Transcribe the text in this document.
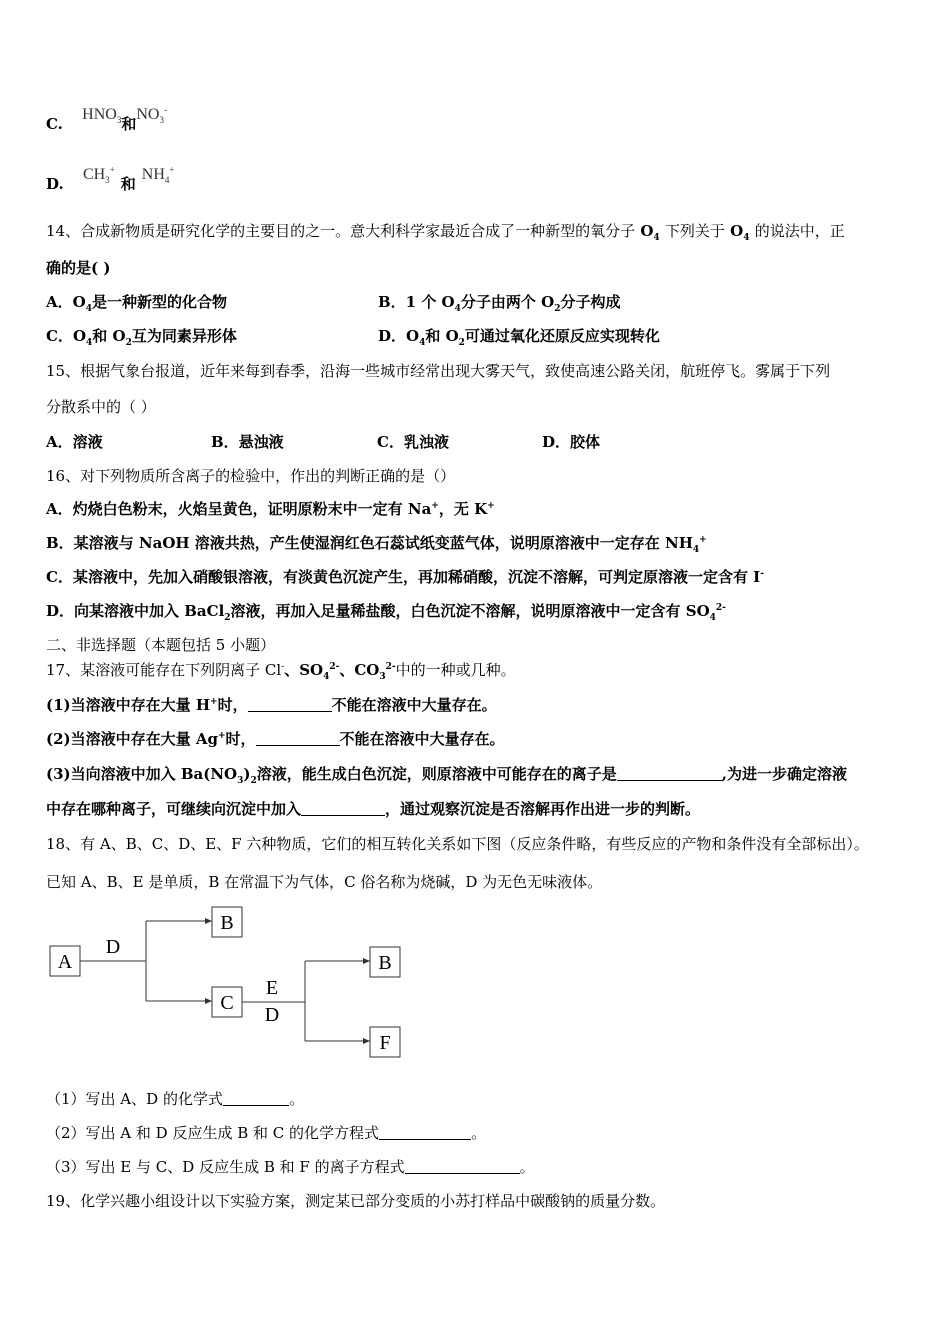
C. $HNO_3$和$NO_3^-$
D. $CH_3^+$和$NH_4^+$
14、合成新物质是研究化学的主要目的之一。意大利科学家最近合成了一种新型的氧分子 $O_4$ 下列关于 $O_4$ 的说法中，正
确的是( )
A．$O_4$是一种新型的化合物	B．1 个 $O_4$分子由两个 $O_2$分子构成
C．$O_4$和 $O_2$互为同素异形体	D．$O_4$和 $O_2$可通过氧化还原反应实现转化
15、根据气象台报道，近年来每到春季，沿海一些城市经常出现大雾天气，致使高速公路关闭，航班停飞。雾属于下列
分散系中的（ ）
A．溶液	B．悬浊液	C．乳浊液	D．胶体
16、对下列物质所含离子的检验中，作出的判断正确的是（）
A．灼烧白色粉末，火焰呈黄色，证明原粉末中一定有 Na+，无 K+
B．某溶液与 NaOH 溶液共热，产生使湿润红色石蕊试纸变蓝气体，说明原溶液中一定存在 $NH_4^+$
C．某溶液中，先加入硝酸银溶液，有淡黄色沉淀产生，再加稀硝酸，沉淀不溶解，可判定原溶液一定含有 I-
D．向某溶液中加入 BaCl$_2$溶液，再加入足量稀盐酸，白色沉淀不溶解，说明原溶液中一定含有 $SO_4^{2-}$
二、非选择题（本题包括 5 小题）
17、某溶液可能存在下列阴离子 Cl-、$SO_4^{2-}$、$CO_3^{2-}$中的一种或几种。
(1)当溶液中存在大量 H+时，	不能在溶液中大量存在。
(2)当溶液中存在大量 Ag+时，	不能在溶液中大量存在。
(3)当向溶液中加入 $Ba(NO_3)_2$溶液，能生成白色沉淀，则原溶液中可能存在的离子是	,为进一步确定溶液
中存在哪种离子，可继续向沉淀中加入	，通过观察沉淀是否溶解再作出进一步的判断。
18、有 A、B、C、D、E、F 六种物质，它们的相互转化关系如下图（反应条件略，有些反应的产物和条件没有全部标出）。
已知 A、B、E 是单质，B 在常温下为气体，C 俗名称为烧碱，D 为无色无味液体。
A
B
C
B
F
D
E
D
（1）写出 A、D 的化学式	。
（2）写出 A 和 D 反应生成 B 和 C 的化学方程式	。
（3）写出 E 与 C、D 反应生成 B 和 F 的离子方程式	。
19、化学兴趣小组设计以下实验方案，测定某已部分变质的小苏打样品中碳酸钠的质量分数。
